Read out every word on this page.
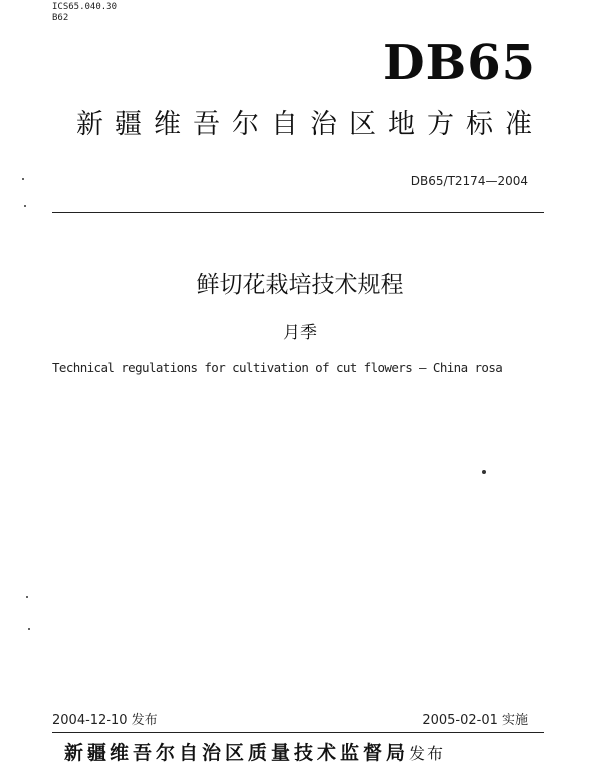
ICS65.040.30
B62
DB65
新疆维吾尔自治区地方标准
DB65/T2174—2004
鲜切花栽培技术规程
月季
Technical regulations for cultivation of cut flowers — China rosa
2004-12-10 发布	2005-02-01 实施
新疆维吾尔自治区质量技术监督局发布
